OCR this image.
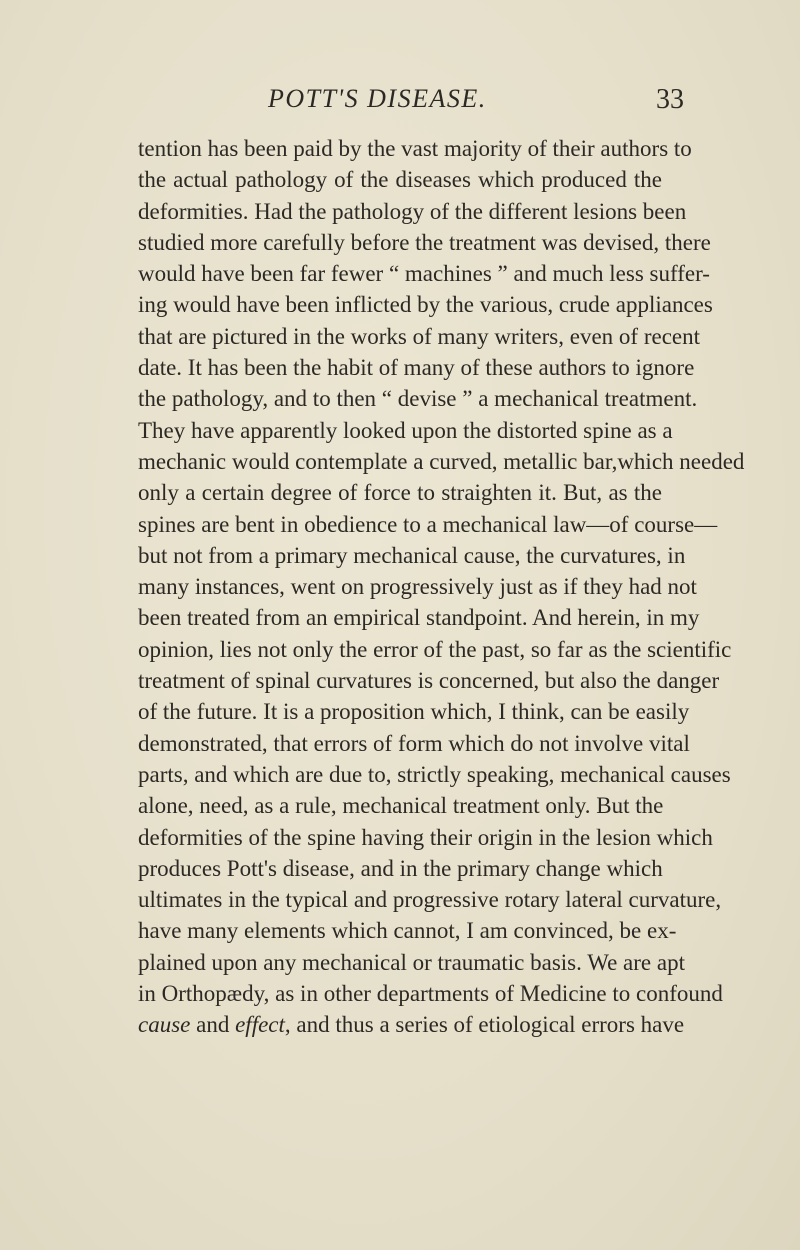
POTT'S DISEASE.	33
tention has been paid by the vast majority of their authors to
the actual pathology of the diseases which produced the
deformities. Had the pathology of the different lesions been
studied more carefully before the treatment was devised, there
would have been far fewer “ machines ” and much less suffer-
ing would have been inflicted by the various, crude appliances
that are pictured in the works of many writers, even of recent
date. It has been the habit of many of these authors to ignore
the pathology, and to then “ devise ” a mechanical treatment.
They have apparently looked upon the distorted spine as a
mechanic would contemplate a curved, metallic bar,which needed
only a certain degree of force to straighten it. But, as the
spines are bent in obedience to a mechanical law—of course—
but not from a primary mechanical cause, the curvatures, in
many instances, went on progressively just as if they had not
been treated from an empirical standpoint. And herein, in my
opinion, lies not only the error of the past, so far as the scientific
treatment of spinal curvatures is concerned, but also the danger
of the future. It is a proposition which, I think, can be easily
demonstrated, that errors of form which do not involve vital
parts, and which are due to, strictly speaking, mechanical causes
alone, need, as a rule, mechanical treatment only. But the
deformities of the spine having their origin in the lesion which
produces Pott's disease, and in the primary change which
ultimates in the typical and progressive rotary lateral curvature,
have many elements which cannot, I am convinced, be ex-
plained upon any mechanical or traumatic basis. We are apt
in Orthopædy, as in other departments of Medicine to confound
cause and effect, and thus a series of etiological errors have
